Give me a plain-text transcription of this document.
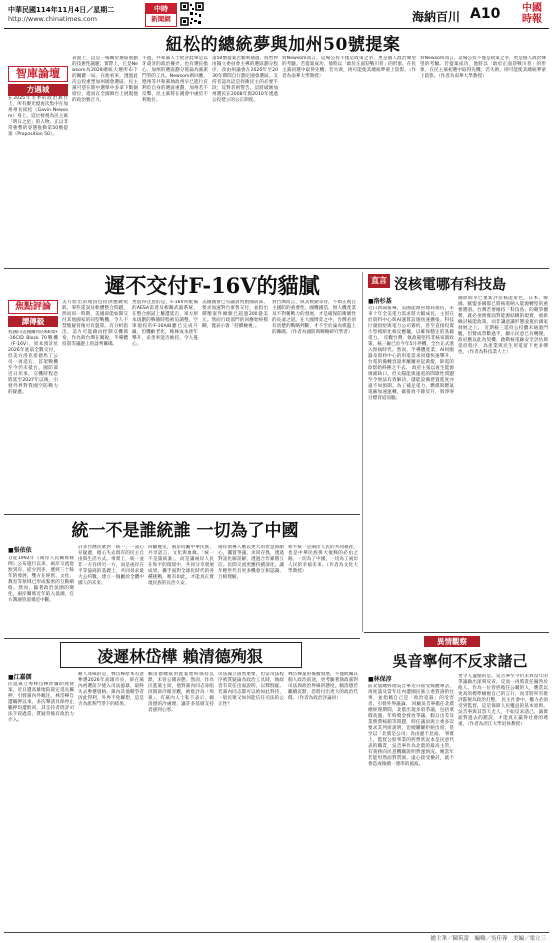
中華民國114年11月4日／星期二
http://www.chinatimes.com
中時
新聞網	海納百川 A10	中國
時報
紐松的總統夢與加州50號提案
智庫論壇
方遇城
在2025年冬季的政治舞台上，所有聚光燈再次集中在加州州長紐松（Gavin Newsom）身上。這位被視為民主黨「明日之星」的人物，正以非常強勢的姿態推動第50號提案（Proposition 50）。
表面上，這是一場關於選區重劃的技術性議題；實際上，它是Newsom為2028總統大選所布下的關鍵一局。在他看來，透過此次公投重塑加州國會選區，民主黨可望在期中選舉中多拿下數個席位，進而在全國舞台上展現他的政治號召力。
不過，共和黨人士批評此舉是以牙還牙的政治操弄，也有選民擔心，加州的選區劃分將淪為黨派鬥爭的工具。Newsom則回應，德州等共和黨執政州早已進行有利於自身的選區重劃，加州若不反擊，民主黨將在國會中處於不利地位。
第50號提案若順利通過，將暫停由獨立委員會主導的選區劃分程序，改由州議會在2026年至2030年期間自行劃定國會選區。支持者認為這是捍衛民主的必要手段；反對者則警告，這將破壞加州選民在2008年與2010年透過公投建立的公正制度。
對Newsom而言，這場公投不僅是政策之爭，更是個人政治聲望的考驗。若提案成功，他將以「敢於正面迎戰川普」的形象，在民主黨初選中取得先機；若失敗，則可能使其總統夢蒙上陰影。（作者為南華大學教授）
對Newsom而言，這場公投不僅是政策之爭，更是個人政治聲望的考驗。若提案成功，他將以「敢於正面迎戰川普」的形象，在民主黨初選中取得先機；若失敗，則可能使其總統夢蒙上陰影。（作者為南華大學教授）
遲不交付F-16V的貓膩
焦點評論
譚傳毅
我國向美國購買的66架F-16C/D Block 70戰機（F-16V），原本預計於2026年底前全數交付，但美方洛克希德馬丁公司一再延宕，首架戰機至今仍未抵台。國防部近日坦承，交機時程恐將延至2027年以後，引發外界對我國空防戰力的疑慮。
美方給出的理由包括供應鏈短缺、零件延誤及軟體整合問題，然而同一時期，美國卻能如期交付其他國家的同型戰機，令人不禁懷疑背後另有盤算。有分析指出，美方可能藉由控制交機節奏，作為與台灣在關稅、半導體投資等議題上的談判籌碼。
更值得注意的是，F-16V所配備的AESA雷達及相關武器系統，在整合測試上屢遭延宕，軍方原本規劃的戰備時程被迫調整。空軍現役的F-16A/B雖已完成升級，但機齡老化，維修成本逐年攀升，妥善率能否維持，令人憂心。
美國國會已有議員致函國防部，要求加速對台軍售交付，並指出積壓案件總額已超過200億美元。然而行政部門的回應始終模糊，僅表示會「持續檢視」。
對台灣而言，與其被動等待，不如正視自主國防的重要性。國機國造、無人機產業及不對稱戰力的發展，才是確保防衛韌性的長遠之道。在大國博弈之中，台灣必須有清楚的戰略判斷，才不至於淪為棋盤上的籌碼。（作者為國防與戰略研究學者）
直言 沒核電哪有科技島
■洛杉基
近日新聞報導，美國能源管理局預估，未來十年全美電力需求將大幅成長，主因在於資料中心與AI運算設施快速擴張。科技巨頭紛紛與電力公司簽約，甚至直接投資小型模組化核反應爐，以確保穩定的基載電力。 反觀台灣，執政黨堅持非核家園政策，核三廠已於今年5月停機，全台正式進入無核時代。然而，半導體產業、AI伺服器及資料中心的用電需求同樣快速攀升，台電的備轉容量率屢屢亮起黃燈，缺電的陰影始終揮之不去。 政府主張以再生能源填補缺口，但太陽能與風電的間歇性問題至今無法有效解決，儲能設備建置進度亦遠不如預期。為了補足電力，燃煤與燃氣電廠加速運轉，碳排放不降反升，與淨零目標背道而馳。
國際間早已重新評估核能角色，日本、韓國、歐盟多國都已將核電納入能源轉型的重要選項。台灣若要維持「科技島」的競爭優勢，就必須務實面對能源結構的現實，重新檢討核能政策，而非讓意識形態凌駕於國家發展之上。 近期核三延役公投雖未通過門檻，但贊成票數過半，顯示民意已有轉變。政府應以此為契機，啟動核電廠安全評估與延役程序，為產業與民生用電留下更多彈性。（作者為科技業人士）
統一不是誰統誰 一切為了中國
■張依依
自從1992年《兩岸人民關係條例》公布施行以來，兩岸交流從無到有、從少到多，歷經三十餘年的發展，雙方在經貿、文化、教育等領域已形成緊密的互動網絡。然而，隨著政治氛圍的變化，兩岸關係近年陷入低潮，官方溝通管道幾近中斷。
許多台灣民眾對「統一」一詞心存疑慮，擔心失去現有的民主自由與生活方式。事實上，統一並非一方吞併另一方，而是兩岸在平等協商的基礎上，共同尋求最大公約數，建立一個屬於全體中國人的未來。
回顧歷史，兩岸同屬中華民族，共享語言、文化與血緣。「統一不是誰統誰」，而是讓兩岸人民在和平的環境中，共同分享發展成果，攜手面對全球化時代的各種挑戰。唯有如此，才能真正實現民族的長治久安。
兩岸領導人應以更大的智慧與耐心，擱置爭議、求同存異，透過對話化解誤解，透過合作累積互信。民間交流更應持續深化，讓年輕世代有更多機會互相認識、互相理解。
和平統一是兩岸人民的共同福祉，也是中華民族偉大復興的必由之路。一切為了中國，一切為了兩岸人民的幸福未來。（作者為文化大學教授）
異情觀察
吳音寧何不反求諸己
■林保淳
前北農總經理吳音寧近日接受媒體專訪，再度談及當年任內遭國民黨立委質詢的往事，並指稱自己是「政治追殺」的受害者，引發外界議論。 回顧吳音寧擔任北農總經理期間，北農出現多項爭議，包括菜價高漲、年終獎金發放爭議、假日出差及業務費核銷等問題，時任議員與立委多次要求其列席說明，但她屢屢拒絕出席，甚至以「北農是公司」為由避不見面。 事實上，監督公股事業的經營狀況本是民意代表的職責，吳音寧作為北農的最高主管，有義務向民意機關說明營運情況。她當年若能坦然面對質詢、虛心接受檢討，就不會造成後續一連串的風波。
更令人遺憾的是，吳音寧至今仍未對當年的爭議做出深刻反省，反而一再將責任歸咎於他人。作為一位曾經擔任公職的人，應當以更高的標準檢視自己的言行，而非將所有批評都視為政治打壓。 民主社會中，權力必須受到監督，這是保障人民權益的基本原則。吳音寧與其怨天尤人，不如反求諸己，誠實面對過去的錯誤，才能真正贏得社會的尊重。（作者為淡江大學退休教授）
凌遲林岱樺 賴清德殉狠
■江嘉儒
民進黨立委林岱樺涉嫌助理費案，近日遭高雄地院裁定延長羈押，引發黨內外關注。林岱樺自遭羈押以來，多次聲請具保停止羈押均遭駁回，其支持者批評司法手段過當，質疑背後有政治力介入。
耐人尋味的是，林岱樺原本有意參選2026年高雄市長，卻在黨內初選前夕捲入司法風暴，最終失去參選資格。黨內其他競爭者因此得利，外界不免聯想，這是否為派系鬥爭下的結果。
賴清德總統對此案始終保持沉默，未曾公開表態。然而，作為民進黨主席，他對黨內同志身陷囹圄卻冷眼旁觀，被批評為「殉狠」。有黨內人士私下表示，賴清德的冷處理，讓許多基層支持者感到心寒。
司法獨立固然重要，但當司法程序被質疑淪為政治工具時，執政者有責任出面說明，以釋群疑。若黨內同志都可以被如此對待，一般民眾又如何能信任司法的公正性？
林岱樺案的後續發展，不僅攸關其個人政治前途，更考驗著執政黨對司法與政治界線的態度。賴清德若繼續沉默，恐將付出更大的政治代價。（作者為政治評論員）
總主筆／陳筑蕾　編輯／吳佳蓉　美編／梁立三
